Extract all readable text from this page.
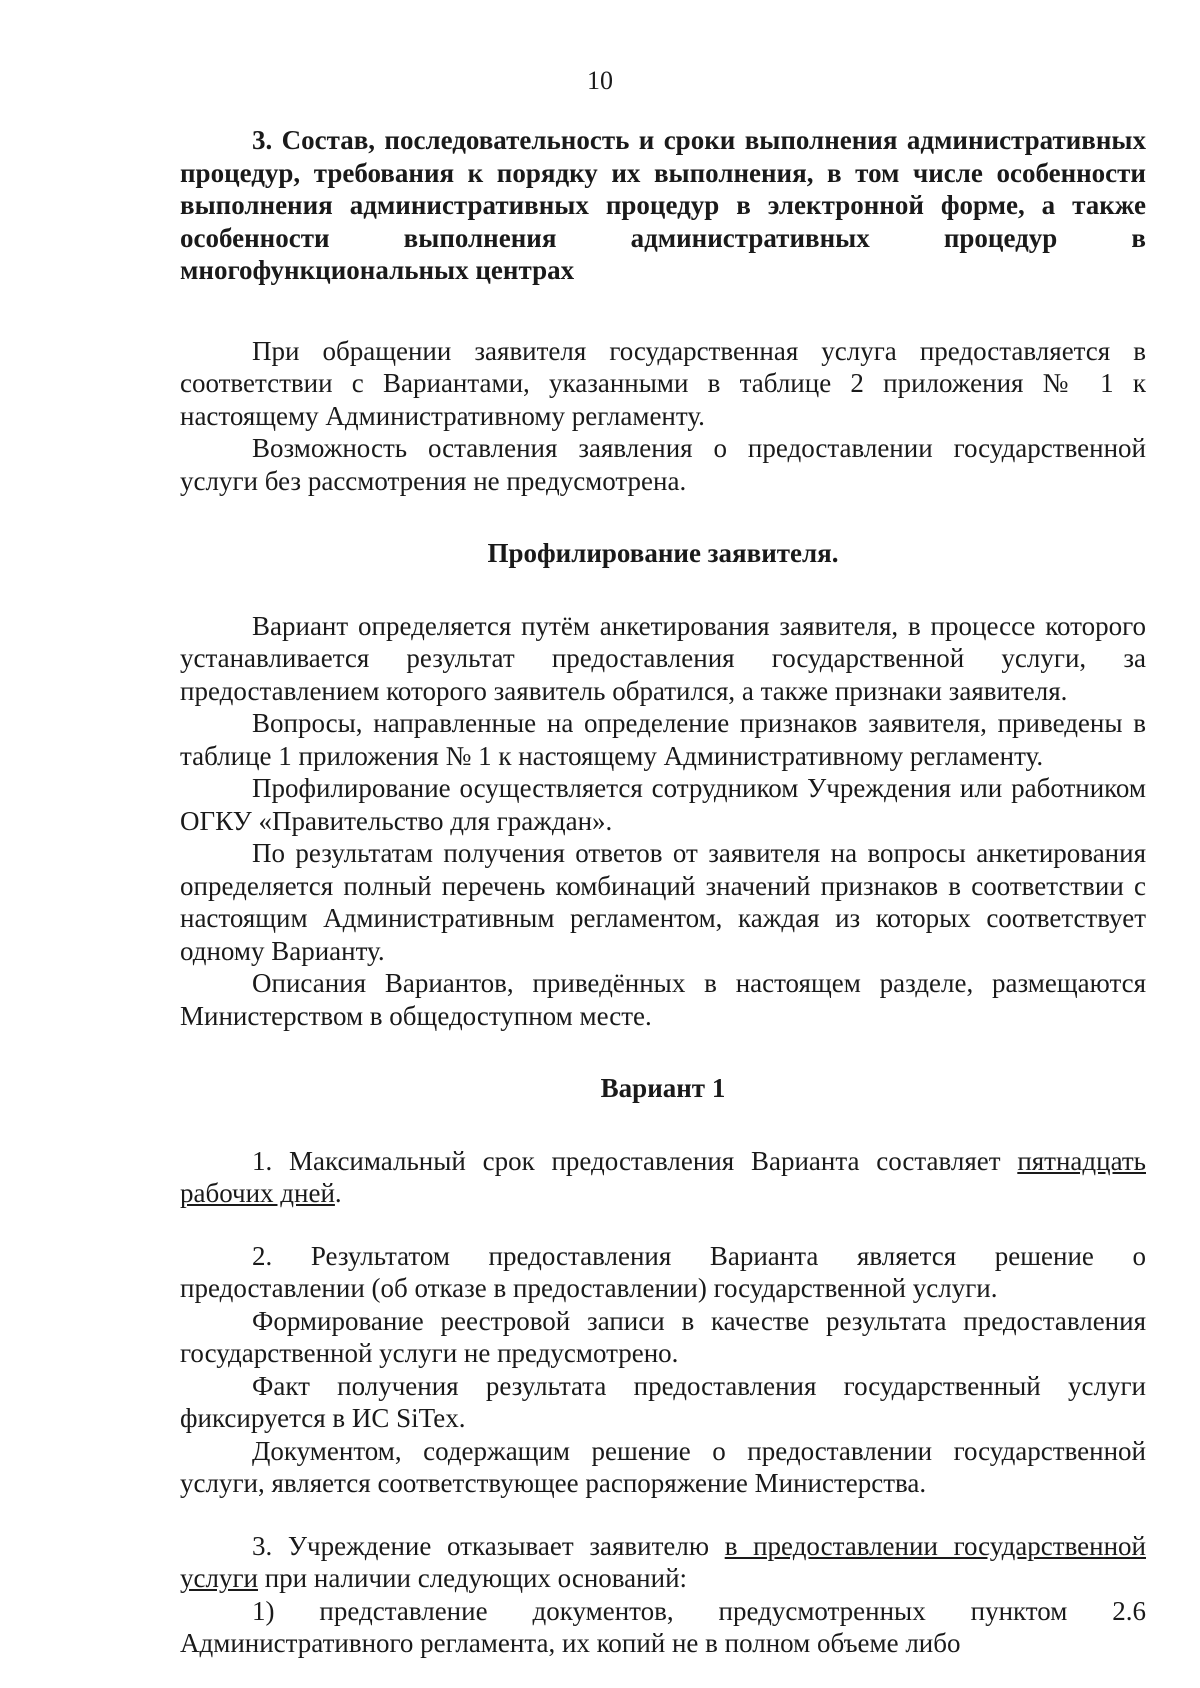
10

3. Состав, последовательность и сроки выполнения административных процедур, требования к порядку их выполнения, в том числе особенности выполнения административных процедур в электронной форме, а также особенности выполнения административных процедур в многофункциональных центрах

При обращении заявителя государственная услуга предоставляется в соответствии с Вариантами, указанными в таблице 2 приложения № 1 к настоящему Административному регламенту.

Возможность оставления заявления о предоставлении государственной услуги без рассмотрения не предусмотрена.

Профилирование заявителя.

Вариант определяется путём анкетирования заявителя, в процессе которого устанавливается результат предоставления государственной услуги, за предоставлением которого заявитель обратился, а также признаки заявителя.

Вопросы, направленные на определение признаков заявителя, приведены в таблице 1 приложения № 1 к настоящему Административному регламенту.

Профилирование осуществляется сотрудником Учреждения или работником ОГКУ «Правительство для граждан».

По результатам получения ответов от заявителя на вопросы анкетирования определяется полный перечень комбинаций значений признаков в соответствии с настоящим Административным регламентом, каждая из которых соответствует одному Варианту.

Описания Вариантов, приведённых в настоящем разделе, размещаются Министерством в общедоступном месте.

Вариант 1

1. Максимальный срок предоставления Варианта составляет пятнадцать рабочих дней.

2. Результатом предоставления Варианта является решение о предоставлении (об отказе в предоставлении) государственной услуги.

Формирование реестровой записи в качестве результата предоставления государственной услуги не предусмотрено.

Факт получения результата предоставления государственный услуги фиксируется в ИС SiTex.

Документом, содержащим решение о предоставлении государственной услуги, является соответствующее распоряжение Министерства.

3. Учреждение отказывает заявителю в предоставлении государственной услуги при наличии следующих оснований:

1) представление документов, предусмотренных пунктом 2.6 Административного регламента, их копий не в полном объеме либо
